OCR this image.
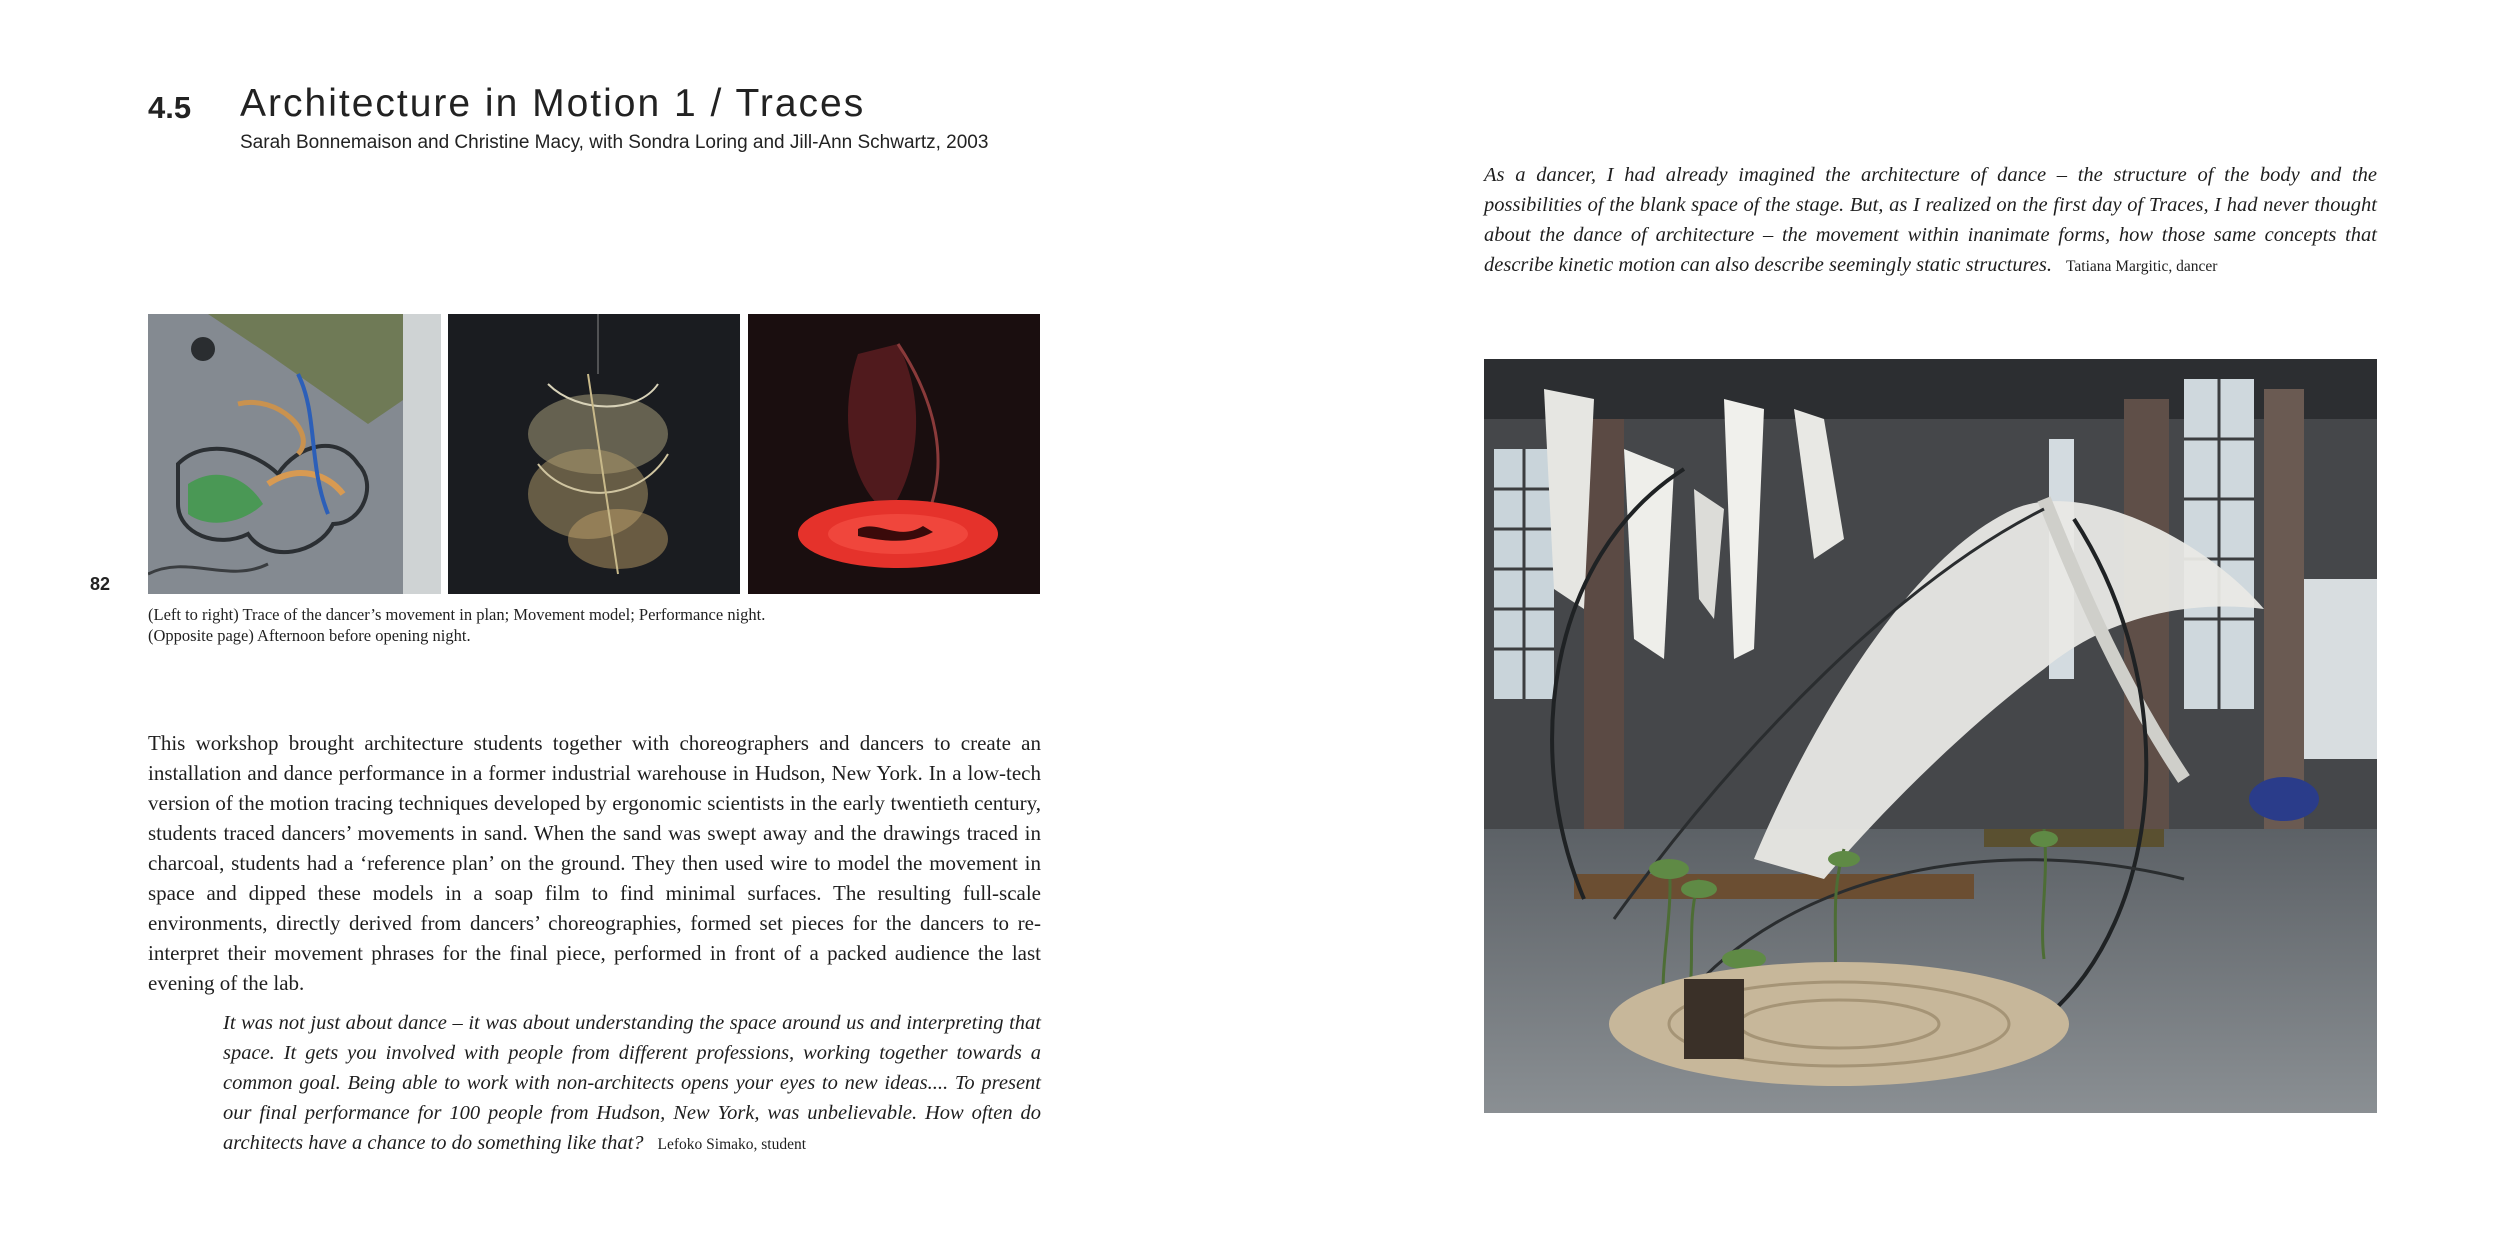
4.5 Architecture in Motion 1 / Traces
Sarah Bonnemaison and Christine Macy, with Sondra Loring and Jill-Ann Schwartz, 2003
82
(Left to right) Trace of the dancer’s movement in plan; Movement model; Performance night.
(Opposite page) Afternoon before opening night.
This workshop brought architecture students together with choreographers and dancers to create an installation and dance performance in a former industrial warehouse in Hudson, New York. In a low-tech version of the motion tracing techniques developed by ergonomic scientists in the early twentieth century, students traced dancers’ movements in sand. When the sand was swept away and the drawings traced in charcoal, students had a ‘reference plan’ on the ground. They then used wire to model the movement in space and dipped these models in a soap film to find minimal surfaces. The resulting full-scale environments, directly derived from dancers’ choreographies, formed set pieces for the dancers to re-interpret their movement phrases for the final piece, performed in front of a packed audience the last evening of the lab.
It was not just about dance – it was about understanding the space around us and interpreting that space. It gets you involved with people from different professions, working together towards a common goal. Being able to work with non-architects opens your eyes to new ideas.... To present our final performance for 100 people from Hudson, New York, was unbelievable. How often do architects have a chance to do something like that? Lefoko Simako, student
As a dancer, I had already imagined the architecture of dance – the structure of the body and the possibilities of the blank space of the stage. But, as I realized on the first day of Traces, I had never thought about the dance of architecture – the movement within inanimate forms, how those same concepts that describe kinetic motion can also describe seemingly static structures. Tatiana Margitic, dancer
